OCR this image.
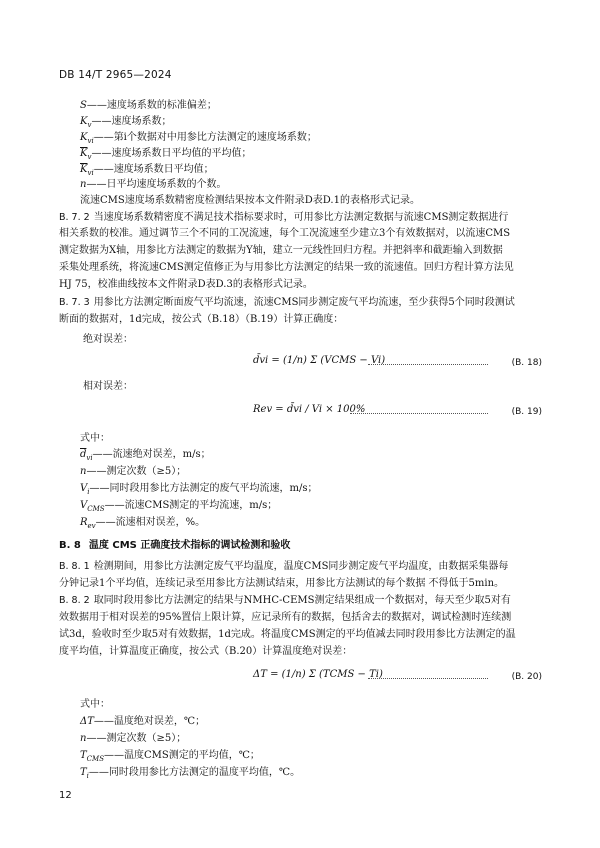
DB 14/T 2965—2024
S——速度场系数的标准偏差；
$K_v——$速度场系数；
$K_{vi}——$第i个数据对中用参比方法测定的速度场系数；
$\overline{K}_v——$速度场系数日平均值的平均值；
$\overline{K}_{vi}——$速度场系数日平均值；
n——日平均速度场系数的个数。
流速CMS速度场系数精密度检测结果按本文件附录D表D.1的表格形式记录。
B. 7. 2 当速度场系数精密度不满足技术指标要求时，可用参比方法测定数据与流速CMS测定数据进行
相关系数的校准。通过调节三个不同的工况流速，每个工况流速至少建立3个有效数据对，以流速CMS
测定数据为X轴，用参比方法测定的数据为Y轴，建立一元线性回归方程。并把斜率和截距输入到数据
采集处理系统，将流速CMS测定值修正为与用参比方法测定的结果一致的流速值。回归方程计算方法见
HJ 75，校准曲线按本文件附录D表D.3的表格形式记录。
B. 7. 3 用参比方法测定断面废气平均流速，流速CMS同步测定废气平均流速，至少获得5个同时段测试
断面的数据对，1d完成，按公式（B.18）（B.19）计算正确度：
绝对误差：
d̄vi = (1/n) Σ (VCMS − Vi)	(B. 18)
相对误差：
Rev = d̄vi / Vi × 100%	(B. 19)
式中：
$\overline{d}_{vi}——$流速绝对误差，m/s；
n——测定次数（≥5）；
$V_i——$同时段用参比方法测定的废气平均流速，m/s；
$V_{CMS}——$流速CMS测定的平均流速，m/s；
$R_{ev}——$流速相对误差，%。
B. 8 温度 CMS 正确度技术指标的调试检测和验收
B. 8. 1 检测期间，用参比方法测定废气平均温度，温度CMS同步测定废气平均温度，由数据采集器每
分钟记录1个平均值，连续记录至用参比方法测试结束，用参比方法测试的每个数据 不得低于5min。
B. 8. 2 取同时段用参比方法测定的结果与NMHC-CEMS测定结果组成一个数据对，每天至少取5对有
效数据用于相对误差的95%置信上限计算，应记录所有的数据，包括舍去的数据对，调试检测时连续测
试3d，验收时至少取5对有效数据，1d完成。将温度CMS测定的平均值减去同时段用参比方法测定的温
度平均值，计算温度正确度，按公式（B.20）计算温度绝对误差：
ΔT = (1/n) Σ (TCMS − Ti)	(B. 20)
式中：
ΔT——温度绝对误差，℃；
n——测定次数（≥5）；
$T_{CMS}——$温度CMS测定的平均值，℃；
$T_i——$同时段用参比方法测定的温度平均值，℃。
12
